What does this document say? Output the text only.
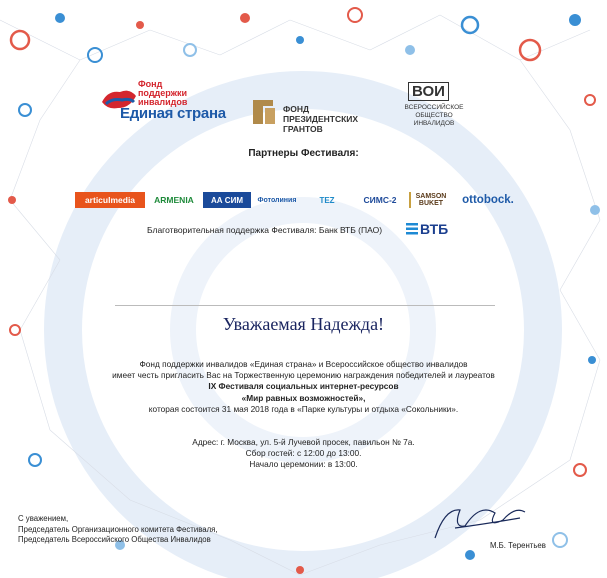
Фонд
поддержки
инвалидов
Единая страна	ФОНД
ПРЕЗИДЕНТСКИХ
ГРАНТОВ
ВОИ
ВСЕРОССИЙСКОЕ
ОБЩЕСТВО
ИНВАЛИДОВ
Партнеры Фестиваля:
articulmedia	ARMENIA	АА СИМ	Фотолиния	TEZ	СИМС-2	SAMSON
BUKET	ottobock.
Благотворительная поддержка Фестиваля: Банк ВТБ (ПАО)	ВТБ
Уважаемая Надежда!
Фонд поддержки инвалидов «Единая страна» и Всероссийское общество инвалидов
имеет честь пригласить Вас на Торжественную церемонию награждения победителей и лауреатов
IX Фестиваля социальных интернет-ресурсов
«Мир равных возможностей»,
которая состоится 31 мая 2018 года в «Парке культуры и отдыха «Сокольники».
Адрес: г. Москва, ул. 5-й Лучевой просек, павильон № 7а.
Сбор гостей: с 12:00 до 13:00.
Начало церемонии: в 13:00.
С уважением,
Председатель Организационного комитета Фестиваля,
Председатель Всероссийского Общества Инвалидов
М.Б. Терентьев
